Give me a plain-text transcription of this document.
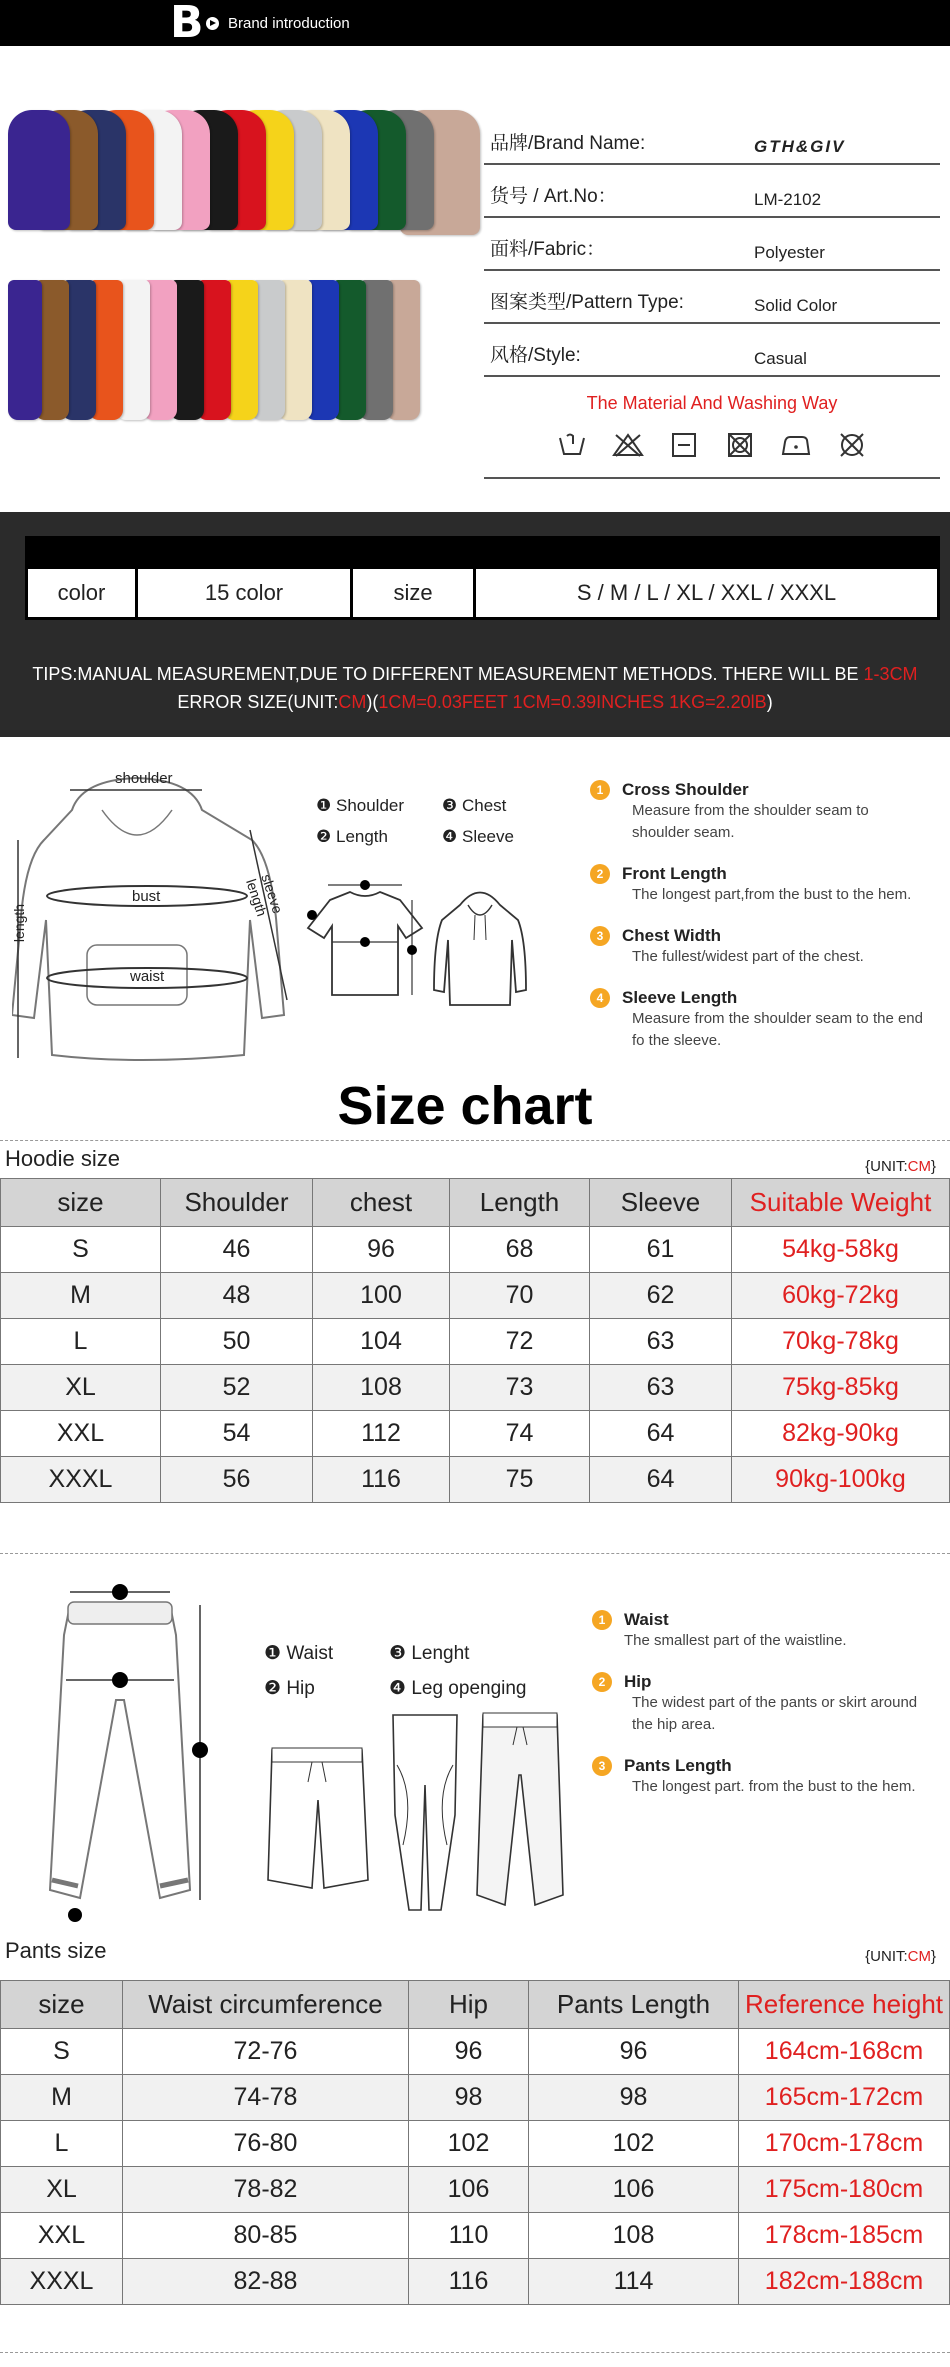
B Brand introduction
品牌/Brand Name:	GTH&GIV
货号 / Art.No：	LM-2102
面料/Fabric：	Polyester
图案类型/Pattern Type:	Solid Color
风格/Style:	Casual
The Material And Washing Way
color	15 color	size	S / M / L / XL / XXL / XXXL
TIPS:MANUAL MEASUREMENT,DUE TO DIFFERENT MEASUREMENT METHODS. THERE WILL BE 1-3CM
ERROR SIZE(UNIT:CM)(1CM=0.03FEET 1CM=0.39INCHES 1KG=2.20lB)
shoulder
bust
waist
length
sleeve length
❶ Shoulder	❸ Chest
❷ Length	❹ Sleeve
1	Cross Shoulder
Measure from the shoulder seam to shoulder seam.
2	Front Length
The longest part,from the bust to the hem.
3	Chest Width
The fullest/widest part of the chest.
4	Sleeve Length
Measure from the shoulder seam to the end fo the sleeve.
Size chart
Hoodie size	{UNIT:CM}
size	Shoulder	chest	Length	Sleeve	Suitable Weight
S	46	96	68	61	54kg-58kg
M	48	100	70	62	60kg-72kg
L	50	104	72	63	70kg-78kg
XL	52	108	73	63	75kg-85kg
XXL	54	112	74	64	82kg-90kg
XXXL	56	116	75	64	90kg-100kg
❶ Waist	❸ Lenght
❷ Hip	❹ Leg openging
1	Waist
The smallest part of the waistline.
2	Hip
The widest part of the pants or skirt around the hip area.
3	Pants Length
The longest part. from the bust to the hem.
Pants size	{UNIT:CM}
size	Waist circumference	Hip	Pants Length	Reference height
S	72-76	96	96	164cm-168cm
M	74-78	98	98	165cm-172cm
L	76-80	102	102	170cm-178cm
XL	78-82	106	106	175cm-180cm
XXL	80-85	110	108	178cm-185cm
XXXL	82-88	116	114	182cm-188cm
